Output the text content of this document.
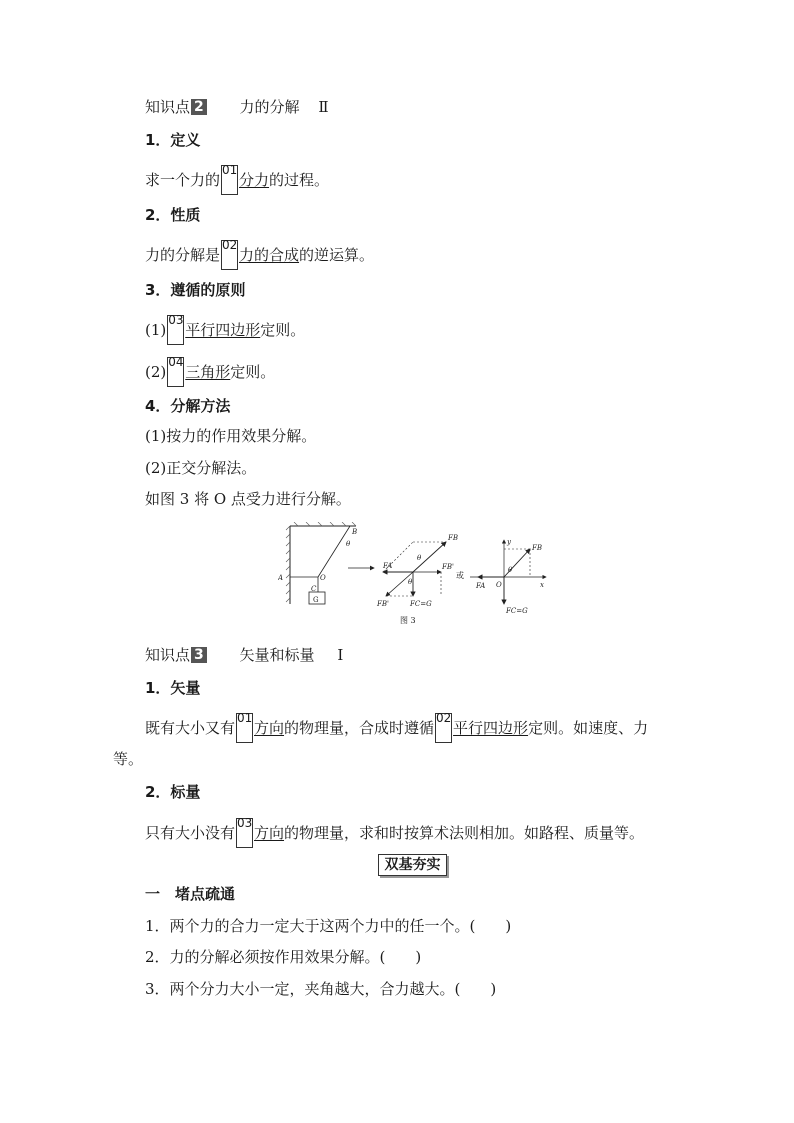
知识点 2 力的分解 Ⅱ
1．定义
求一个力的
01
分力的过程。
2．性质
力的分解是
02
力的合成的逆运算。
3．遵循的原则
(1)
03
平行四边形定则。
(2)
04
三角形定则。
4．分解方法
(1)按力的作用效果分解。
(2)正交分解法。
如图 3 将 O 点受力进行分解。
A
B
θ
O
C
G
FB
FA	FB'
FB'	FC=G
θ
θ
或
y
x
FB
FA O
FC=G
θ
图 3
知识点 3 矢量和标量 Ⅰ
1．矢量
既有大小又有
01
方向的物理量，合成时遵循
02
平行四边形定则。如速度、力
等。
2．标量
只有大小没有
03
方向的物理量，求和时按算术法则相加。如路程、质量等。
双基夯实
一　堵点疏通
1．两个力的合力一定大于这两个力中的任一个。(　　)
2．力的分解必须按作用效果分解。(　　)
3．两个分力大小一定，夹角越大，合力越大。(　　)
